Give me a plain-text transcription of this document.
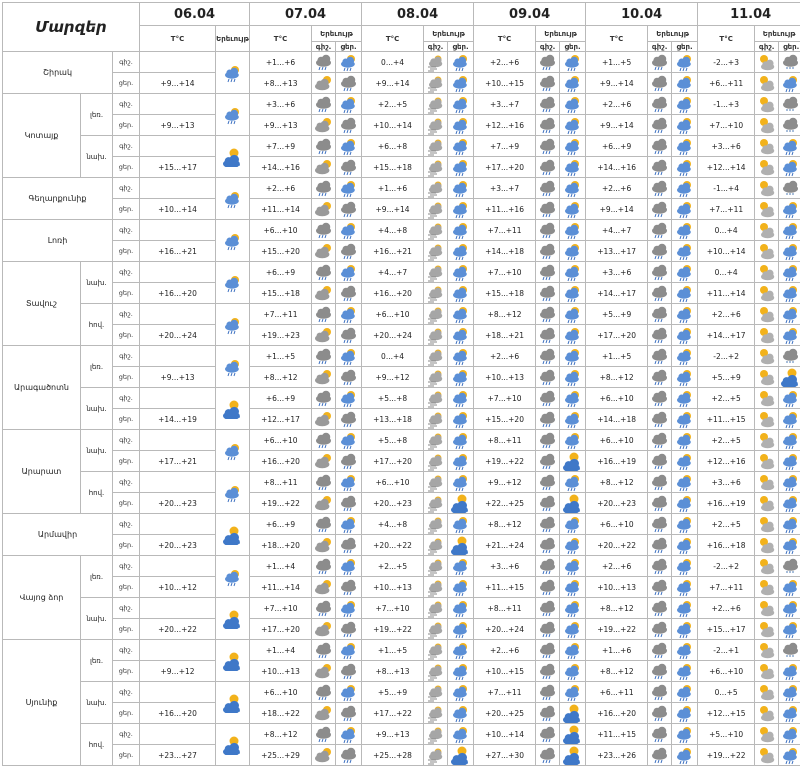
Մարզեր			06.04		07.04			08.04			09.04			10.04			11.04		
			T°C	Երեւույթ	T°C	Երեւույթ		T°C	Երեւույթ		T°C	Երեւույթ		T°C	Երեւույթ		T°C	Երեւույթ	
						գիշ.	ցեր.		գիշ.	ցեր.		գիշ.	ցեր.		գիշ.	ցեր.		գիշ.	ցեր.
Շիրակ		գիշ.			+1...+6			0...+4			+2...+6			+1...+5			-2...+3		
		ցեր.	+9...+14		+8...+13			+9...+14			+10...+15			+9...+14			+6...+11		
Կոտայք	լեռ.	գիշ.			+3...+6			+2...+5			+3...+7			+2...+6			-1...+3		
		ցեր.	+9...+13		+9...+13			+10...+14			+12...+16			+9...+14			+7...+10		
	նախ.	գիշ.			+7...+9			+6...+8			+7...+9			+6...+9			+3...+6		
		ցեր.	+15...+17		+14...+16			+15...+18			+17...+20			+14...+16			+12...+14		
Գեղարքունիք		գիշ.			+2...+6			+1...+6			+3...+7			+2...+6			-1...+4		
		ցեր.	+10...+14		+11...+14			+9...+14			+11...+16			+9...+14			+7...+11		
Լոռի		գիշ.			+6...+10			+4...+8			+7...+11			+4...+7			0...+4		
		ցեր.	+16...+21		+15...+20			+16...+21			+14...+18			+13...+17			+10...+14		
Տավուշ	նախ.	գիշ.			+6...+9			+4...+7			+7...+10			+3...+6			0...+4		
		ցեր.	+16...+20		+15...+18			+16...+20			+15...+18			+14...+17			+11...+14		
	հով.	գիշ.			+7...+11			+6...+10			+8...+12			+5...+9			+2...+6		
		ցեր.	+20...+24		+19...+23			+20...+24			+18...+21			+17...+20			+14...+17		
Արագածոտն	լեռ.	գիշ.			+1...+5			0...+4			+2...+6			+1...+5			-2...+2		
		ցեր.	+9...+13		+8...+12			+9...+12			+10...+13			+8...+12			+5...+9		
	նախ.	գիշ.			+6...+9			+5...+8			+7...+10			+6...+10			+2...+5		
		ցեր.	+14...+19		+12...+17			+13...+18			+15...+20			+14...+18			+11...+15		
Արարատ	նախ.	գիշ.			+6...+10			+5...+8			+8...+11			+6...+10			+2...+5		
		ցեր.	+17...+21		+16...+20			+17...+20			+19...+22			+16...+19			+12...+16		
	հով.	գիշ.			+8...+11			+6...+10			+9...+12			+8...+12			+3...+6		
		ցեր.	+20...+23		+19...+22			+20...+23			+22...+25			+20...+23			+16...+19		
Արմավիր		գիշ.			+6...+9			+4...+8			+8...+12			+6...+10			+2...+5		
		ցեր.	+20...+23		+18...+20			+20...+22			+21...+24			+20...+22			+16...+18		
Վայոց ձոր	լեռ.	գիշ.			+1...+4			+2...+5			+3...+6			+2...+6			-2...+2		
		ցեր.	+10...+12		+11...+14			+10...+13			+11...+15			+10...+13			+7...+11		
	նախ.	գիշ.			+7...+10			+7...+10			+8...+11			+8...+12			+2...+6		
		ցեր.	+20...+22		+17...+20			+19...+22			+20...+24			+19...+22			+15...+17		
Սյունիք	լեռ.	գիշ.			+1...+4			+1...+5			+2...+6			+1...+6			-2...+1		
		ցեր.	+9...+12		+10...+13			+8...+13			+10...+15			+8...+12			+6...+10		
	նախ.	գիշ.			+6...+10			+5...+9			+7...+11			+6...+11			0...+5		
		ցեր.	+16...+20		+18...+22			+17...+22			+20...+25			+16...+20			+12...+15		
	հով.	գիշ.			+8...+12			+9...+13			+10...+14			+11...+15			+5...+10		
		ցեր.	+23...+27		+25...+29			+25...+28			+27...+30			+23...+26			+19...+22		
